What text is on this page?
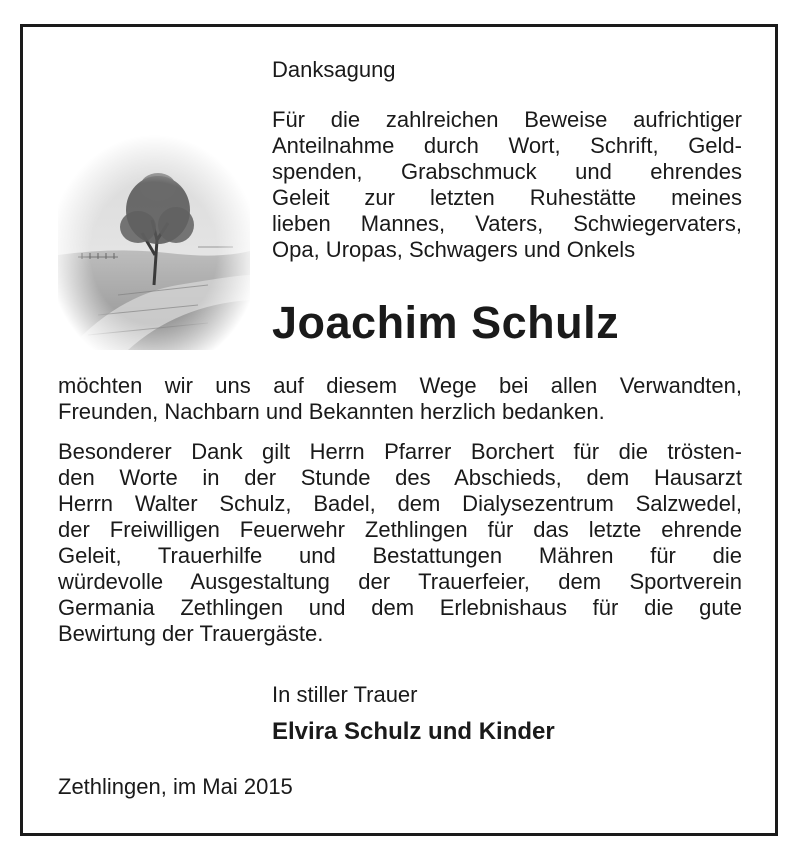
Danksagung
Für die zahlreichen Beweise aufrichtiger
Anteilnahme durch Wort, Schrift, Geld-
spenden, Grabschmuck und ehrendes
Geleit zur letzten Ruhestätte meines
lieben Mannes, Vaters, Schwiegervaters,
Opa, Uropas, Schwagers und Onkels
Joachim Schulz
möchten wir uns auf diesem Wege bei allen Verwandten,
Freunden, Nachbarn und Bekannten herzlich bedanken.
Besonderer Dank gilt Herrn Pfarrer Borchert für die trösten-
den Worte in der Stunde des Abschieds, dem Hausarzt
Herrn Walter Schulz, Badel, dem Dialysezentrum Salzwedel,
der Freiwilligen Feuerwehr Zethlingen für das letzte ehrende
Geleit, Trauerhilfe und Bestattungen Mähren für die
würdevolle Ausgestaltung der Trauerfeier, dem Sportverein
Germania Zethlingen und dem Erlebnishaus für die gute
Bewirtung der Trauergäste.
In stiller Trauer
Elvira Schulz und Kinder
Zethlingen, im Mai 2015
